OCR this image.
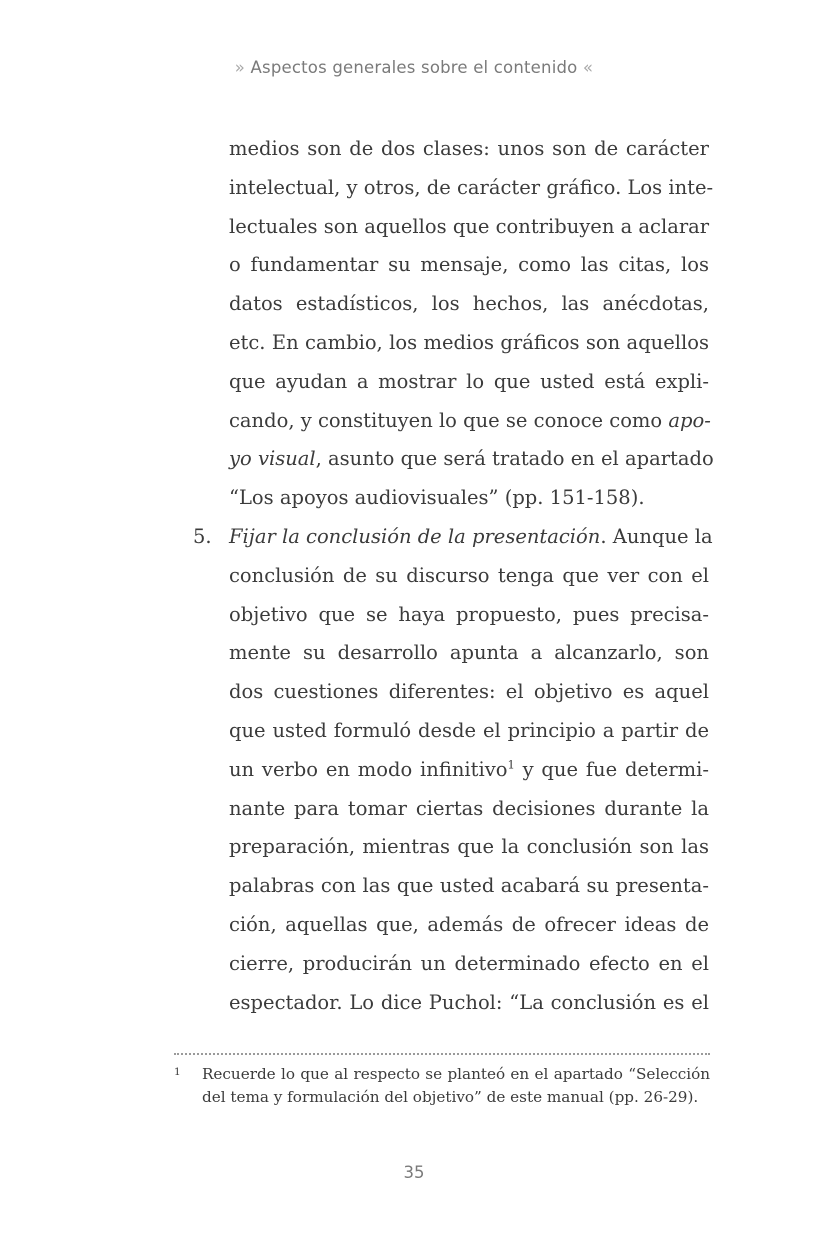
» Aspectos generales sobre el contenido «
medios son de dos clases: unos son de carácter
intelectual, y otros, de carácter gráfico. Los inte-
lectuales son aquellos que contribuyen a aclarar
o fundamentar su mensaje, como las citas, los
datos estadísticos, los hechos, las anécdotas,
etc. En cambio, los medios gráficos son aquellos
que ayudan a mostrar lo que usted está expli-
cando, y constituyen lo que se conoce como apo-
yo visual, asunto que será tratado en el apartado
“Los apoyos audiovisuales” (pp. 151-158).
5. Fijar la conclusión de la presentación. Aunque la
conclusión de su discurso tenga que ver con el
objetivo que se haya propuesto, pues precisa-
mente su desarrollo apunta a alcanzarlo, son
dos cuestiones diferentes: el objetivo es aquel
que usted formuló desde el principio a partir de
un verbo en modo infinitivo$^1$ y que fue determi-
nante para tomar ciertas decisiones durante la
preparación, mientras que la conclusión son las
palabras con las que usted acabará su presenta-
ción, aquellas que, además de ofrecer ideas de
cierre, producirán un determinado efecto en el
espectador. Lo dice Puchol: “La conclusión es el
1 Recuerde lo que al respecto se planteó en el apartado “Selección
del tema y formulación del objetivo” de este manual (pp. 26-29).
35
